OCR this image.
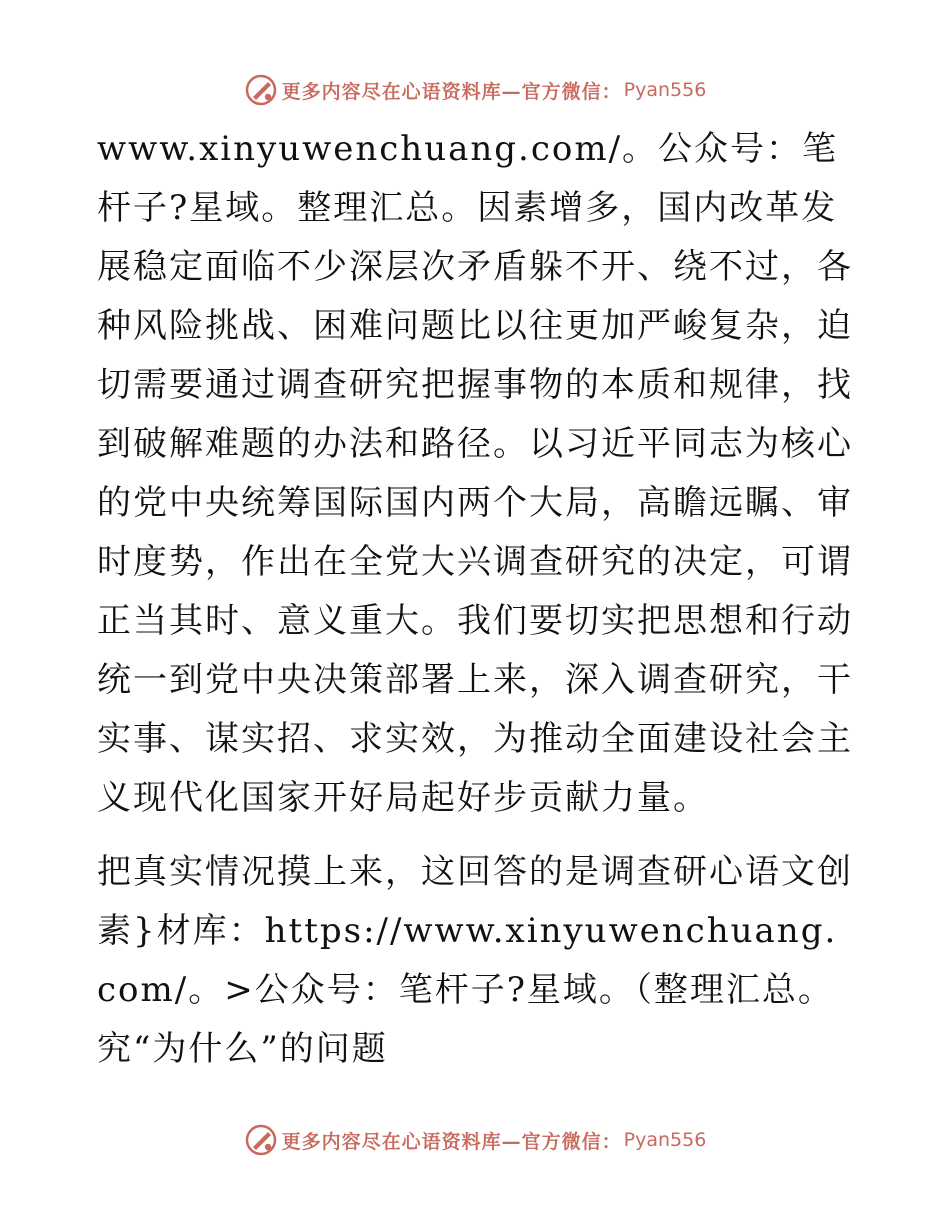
更多内容尽在心语资料库—官方微信： Pyan556

www.xinyuwenchuang.com/。公众号：笔杆子?星域。整理汇总。因素增多，国内改革发展稳定面临不少深层次矛盾躲不开、绕不过，各种风险挑战、困难问题比以往更加严峻复杂，迫切需要通过调查研究把握事物的本质和规律，找到破解难题的办法和路径。以习近平同志为核心的党中央统筹国际国内两个大局，高瞻远瞩、审时度势，作出在全党大兴调查研究的决定，可谓正当其时、意义重大。我们要切实把思想和行动统一到党中央决策部署上来，深入调查研究，干实事、谋实招、求实效，为推动全面建设社会主义现代化国家开好局起好步贡献力量。

把真实情况摸上来，这回答的是调查研心语文创素}材库：https://www.xinyuwenchuang.com/。>公众号：笔杆子?星域。（整理汇总。究“为什么”的问题

更多内容尽在心语资料库—官方微信： Pyan556
